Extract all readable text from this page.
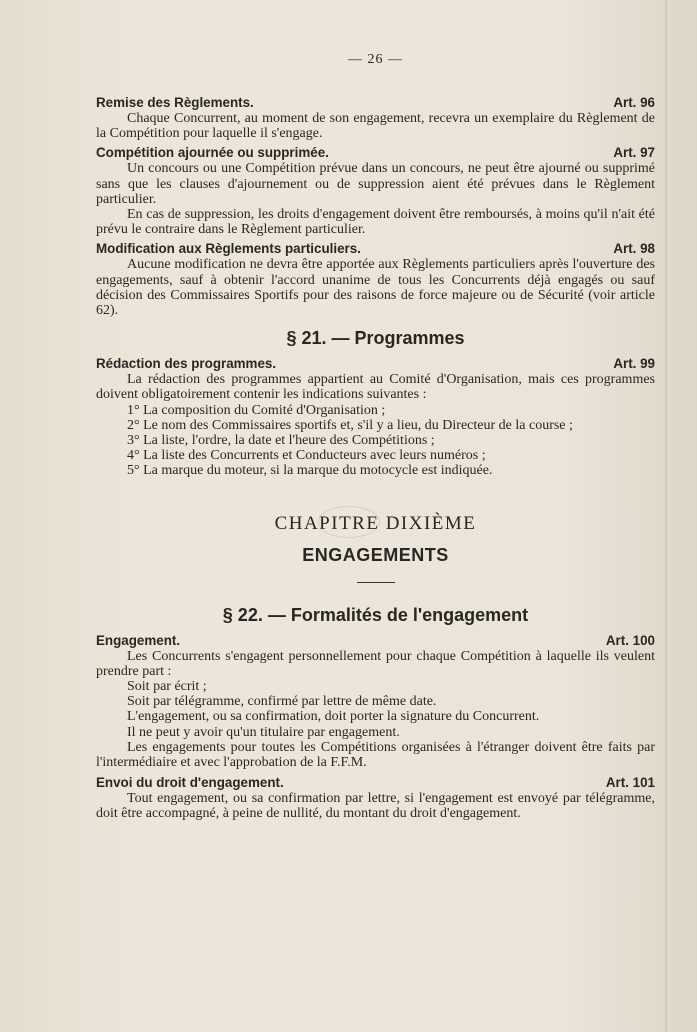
— 26 —
Remise des Règlements.	Art. 96

Chaque Concurrent, au moment de son engagement, recevra un exemplaire du Règlement de la Compétition pour laquelle il s'engage.

Compétition ajournée ou supprimée.	Art. 97

Un concours ou une Compétition prévue dans un concours, ne peut être ajourné ou supprimé sans que les clauses d'ajournement ou de suppression aient été prévues dans le Règlement particulier.

En cas de suppression, les droits d'engagement doivent être remboursés, à moins qu'il n'ait été prévu le contraire dans le Règlement particulier.

Modification aux Règlements particuliers.	Art. 98

Aucune modification ne devra être apportée aux Règlements particuliers après l'ouverture des engagements, sauf à obtenir l'accord unanime de tous les Concurrents déjà engagés ou sauf décision des Commissaires Sportifs pour des raisons de force majeure ou de Sécurité (voir article 62).

§ 21. — Programmes
Rédaction des programmes.	Art. 99

La rédaction des programmes appartient au Comité d'Organisation, mais ces programmes doivent obligatoirement contenir les indications suivantes :

1° La composition du Comité d'Organisation ;

2° Le nom des Commissaires sportifs et, s'il y a lieu, du Directeur de la course ;

3° La liste, l'ordre, la date et l'heure des Compétitions ;

4° La liste des Concurrents et Conducteurs avec leurs numéros ;

5° La marque du moteur, si la marque du motocycle est indiquée.

CHAPITRE DIXIÈME
ENGAGEMENTS
§ 22. — Formalités de l'engagement
Engagement.	Art. 100

Les Concurrents s'engagent personnellement pour chaque Compétition à laquelle ils veulent prendre part :

Soit par écrit ;

Soit par télégramme, confirmé par lettre de même date.

L'engagement, ou sa confirmation, doit porter la signature du Concurrent.

Il ne peut y avoir qu'un titulaire par engagement.

Les engagements pour toutes les Compétitions organisées à l'étranger doivent être faits par l'intermédiaire et avec l'approbation de la F.F.M.

Envoi du droit d'engagement.	Art. 101

Tout engagement, ou sa confirmation par lettre, si l'engagement est envoyé par télégramme, doit être accompagné, à peine de nullité, du montant du droit d'engagement.
